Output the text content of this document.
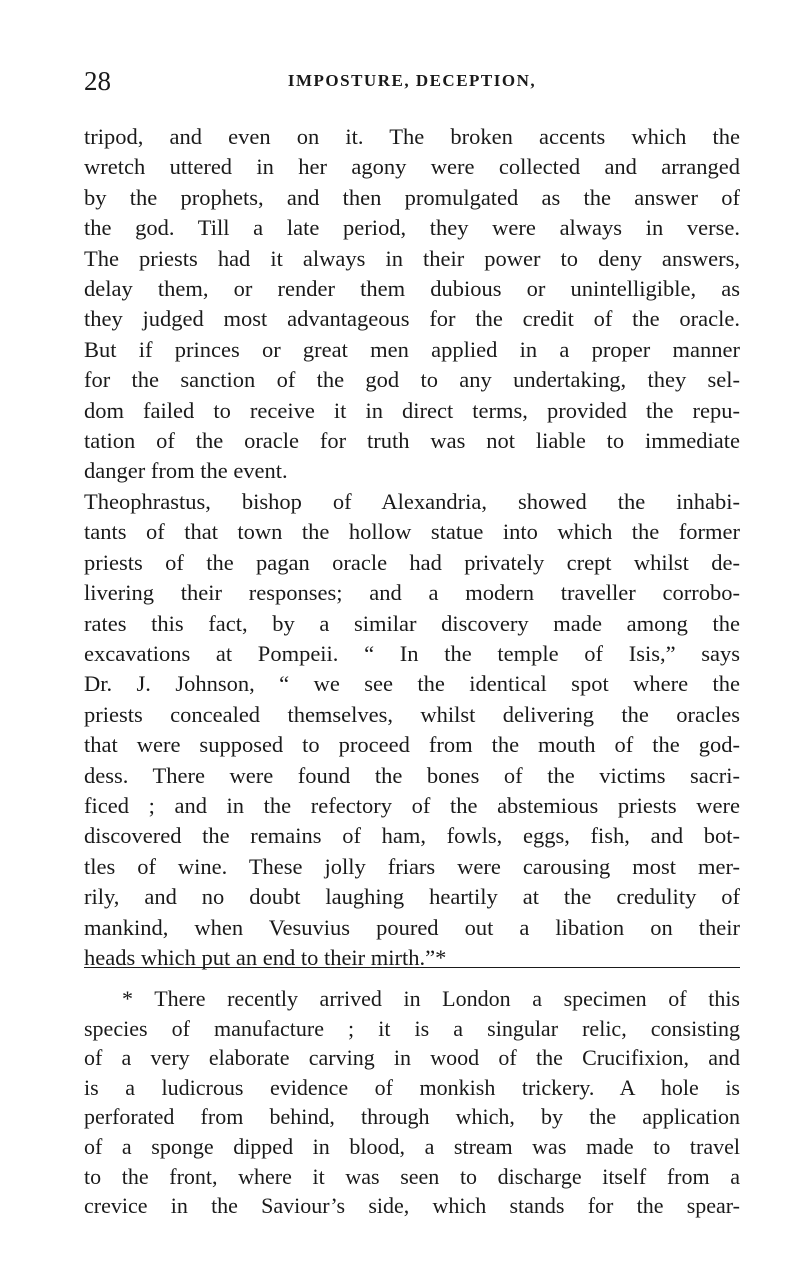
28	IMPOSTURE, DECEPTION,
tripod, and even on it. The broken accents which the
wretch uttered in her agony were collected and arranged
by the prophets, and then promulgated as the answer of
the god. Till a late period, they were always in verse.
The priests had it always in their power to deny answers,
delay them, or render them dubious or unintelligible, as
they judged most advantageous for the credit of the oracle.
But if princes or great men applied in a proper manner
for the sanction of the god to any undertaking, they sel-
dom failed to receive it in direct terms, provided the repu-
tation of the oracle for truth was not liable to immediate
danger from the event.
Theophrastus, bishop of Alexandria, showed the inhabi-
tants of that town the hollow statue into which the former
priests of the pagan oracle had privately crept whilst de-
livering their responses; and a modern traveller corrobo-
rates this fact, by a similar discovery made among the
excavations at Pompeii. “ In the temple of Isis,” says
Dr. J. Johnson, “ we see the identical spot where the
priests concealed themselves, whilst delivering the oracles
that were supposed to proceed from the mouth of the god-
dess. There were found the bones of the victims sacri-
ficed ; and in the refectory of the abstemious priests were
discovered the remains of ham, fowls, eggs, fish, and bot-
tles of wine. These jolly friars were carousing most mer-
rily, and no doubt laughing heartily at the credulity of
mankind, when Vesuvius poured out a libation on their
heads which put an end to their mirth.”*
* There recently arrived in London a specimen of this
species of manufacture ; it is a singular relic, consisting
of a very elaborate carving in wood of the Crucifixion, and
is a ludicrous evidence of monkish trickery. A hole is
perforated from behind, through which, by the application
of a sponge dipped in blood, a stream was made to travel
to the front, where it was seen to discharge itself from a
crevice in the Saviour’s side, which stands for the spear-
